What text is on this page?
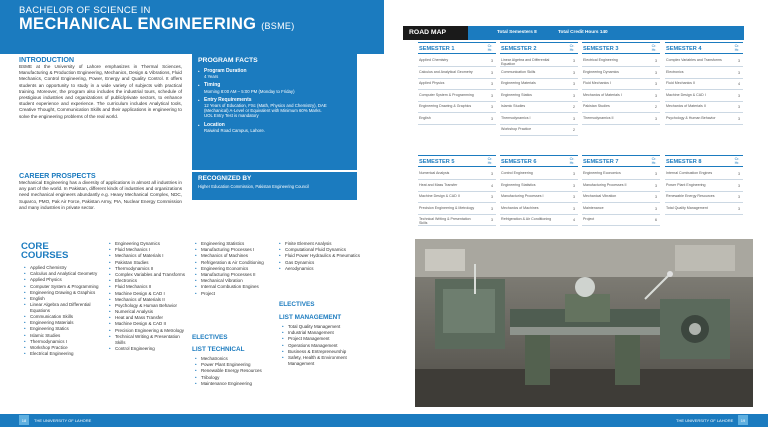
BACHELOR OF SCIENCE IN
MECHANICAL ENGINEERING (BSME)
INTRODUCTION
BSME at the University of Lahore emphasizes in Thermal Sciences, Manufacturing & Production Engineering, Mechanics, Design & Vibrations, Fluid Mechanics, Control Engineering, Power, Energy and Quality Control. It offers students an opportunity to study in a wide variety of subjects with practical training. Moreover, the program also includes the industrial tours, schedule of prestigious industries and organizations of public/private sectors, to enhance student experience and experience. The curriculum includes Analytical tools, Creative Thought, Communication Skills and their applications in engineering to solve the engineering problems of the real world.
CAREER PROSPECTS
Mechanical Engineering has a diversity of applications in almost all industries in any part of the world. In Pakistan, different kinds of industries and organizations need mechanical engineers abundantly e.g. Heavy Mechanical Complex, NDC, Suparco, PMO, Pak Air Force, Pakistan Army, PIA, Nuclear Energy Commission and many industries in private sector.
PROGRAM FACTS
• Program Duration
4 Years
• Timing
Morning 8:00 AM – 5:00 PM (Monday to Friday)
• Entry Requirements
12 Years of Education, FSc (Math, Physics and Chemistry), DAE (Mechanical) A-Level or Equivalent with Minimum 60% Marks.
UOL Entry Test is mandatory
• Location
Raiwind Road Campus, Lahore.
RECOGNIZED BY
Higher Education Commission, Pakistan Engineering Council
CORE
COURSES
• Applied Chemistry
• Calculus and Analytical Geometry
• Applied Physics
• Computer System & Programming
• Engineering Drawing & Graphics
• English
• Linear Algebra and Differential Equations
• Communication Skills
• Engineering Materials
• Engineering Statics
• Islamic Studies
• Thermodynamics I
• Workshop Practice
• Electrical Engineering
• Engineering Dynamics
• Fluid Mechanics I
• Mechanics of Materials I
• Pakistan Studies
• Thermodynamics II
• Complex Variables and Transforms
• Electronics
• Fluid Mechanics II
• Machine Design & CAD I
• Mechanics of Materials II
• Psychology & Human Behavior
• Numerical Analysis
• Heat and Mass Transfer
• Machine Design & CAD II
• Precision Engineering & Metrology
• Technical Writing & Presentation Skills
• Control Engineering
• Engineering Statistics
• Manufacturing Processes I
• Mechanics of Machines
• Refrigeration & Air Conditioning
• Engineering Economics
• Manufacturing Processes II
• Mechanical Vibration
• Internal Combustion Engines
• Project
• Finite Element Analysis
• Computational Fluid Dynamics
• Fluid Power Hydraulics & Pneumatics
• Gas Dynamics
• Aerodynamics
ELECTIVES
LIST TECHNICAL
• Mechatronics
• Power Plant Engineering
• Renewable Energy Resources
• Tribology
• Maintenance Engineering
ELECTIVES
LIST MANAGEMENT
• Total Quality Management
• Industrial Management
• Project Management
• Operations Management
• Business & Entrepreneurship
• Safety, Health & Environment Management
18	THE UNIVERSITY OF LAHORE
ROAD MAP	Total Semesters 8	Total Credit Hours 140
SEMESTER 1	Cr.
Hr.
Applied Chemistry	3
Calculus and Analytical Geometry	3
Applied Physics	3
Computer System & Programming	3
Engineering Drawing & Graphics	3
English	3
SEMESTER 2	Cr.
Hr.
Linear Algebra and Differential Equation
3
Communication Skills	3
Engineering Materials	3
Engineering Statics	3
Islamic Studies	2
Thermodynamics I	3
Workshop Practice	2
SEMESTER 3	Cr.
Hr.
Electrical Engineering	3
Engineering Dynamics	3
Fluid Mechanics I	3
Mechanics of Materials I	3
Pakistan Studies	2
Thermodynamics II	3
SEMESTER 4	Cr.
Hr.
Complex Variables and Transforms	3
Electronics	3
Fluid Mechanics II	4
Machine Design & CAD I	3
Mechanics of Materials II	3
Psychology & Human Behavior	3
SEMESTER 5	Cr.
Hr.
Numerical Analysis	3
Heat and Mass Transfer	4
Machine Design & CAD II	3
Precision Engineering & Metrology	3
Technical Writing & Presentation Skills
3
SEMESTER 6	Cr.
Hr.
Control Engineering	3
Engineering Statistics	3
Manufacturing Processes I	3
Mechanics of Machines	3
Refrigeration & Air Conditioning	4
SEMESTER 7	Cr.
Hr.
Engineering Economics	3
Manufacturing Processes II	3
Mechanical Vibration	3
Maintenance	3
Project	6
SEMESTER 8	Cr.
Hr.
Internal Combustion Engines	3
Power Plant Engineering	3
Renewable Energy Resources	3
Total Quality Management	3
THE UNIVERSITY OF LAHORE	19
